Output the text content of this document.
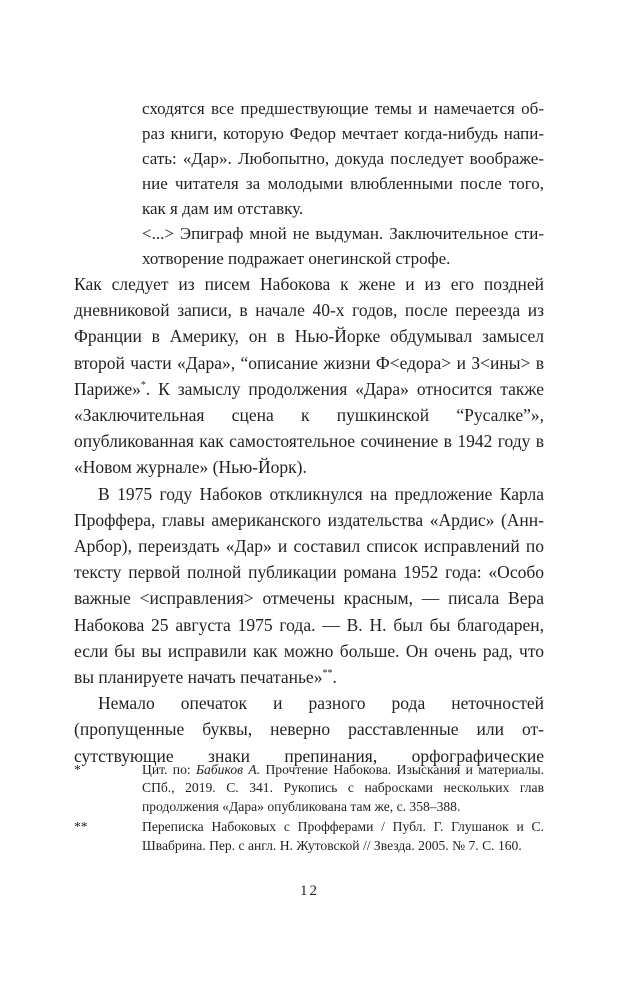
сходятся все предшествующие темы и намечается об-

раз книги, которую Федор мечтает когда-нибудь напи-

сать: «Дар». Любопытно, докуда последует воображе-

ние читателя за молодыми влюбленными после того,

как я дам им отставку.

<...> Эпиграф мной не выдуман. Заключительное сти-

хотворение подражает онегинской строфе.

Как следует из писем Набокова к жене и из его поздней дневниковой записи, в начале 40-х годов, после переезда из Франции в Америку, он в Нью-Йорке обдумывал замысел второй части «Дара», “описание жизни Ф<едора> и З<ины> в Париже»*. К замыслу продолжения «Дара» относится также «Заключительная сцена к пушкинской “Русалке”», опубликованная как самостоятельное сочинение в 1942 году в «Новом журнале» (Нью-Йорк).

В 1975 году Набоков откликнулся на предложение Карла Проффера, главы американского издательства «Ардис» (Анн-Арбор), переиздать «Дар» и составил список исправлений по тексту первой полной публикации романа 1952 года: «Особо важные <исправления> отмечены красным, — писала Вера Набокова 25 августа 1975 года. — В. Н. был бы благодарен, если бы вы исправили как можно больше. Он очень рад, что вы планируете начать печатанье»**.

Немало опечаток и разного рода неточностей (пропущенные буквы, неверно расставленные или отсутствующие знаки препинания, орфографические

*	Цит. по: Бабиков А. Прочтение Набокова. Изыскания и материалы. СПб., 2019. С. 341. Рукопись с набросками нескольких глав продолжения «Дара» опубликована там же, с. 358–388.
**	Переписка Набоковых с Профферами / Публ. Г. Глушанок и С. Швабрина. Пер. с англ. Н. Жутовской // Звезда. 2005. № 7. С. 160.
12
